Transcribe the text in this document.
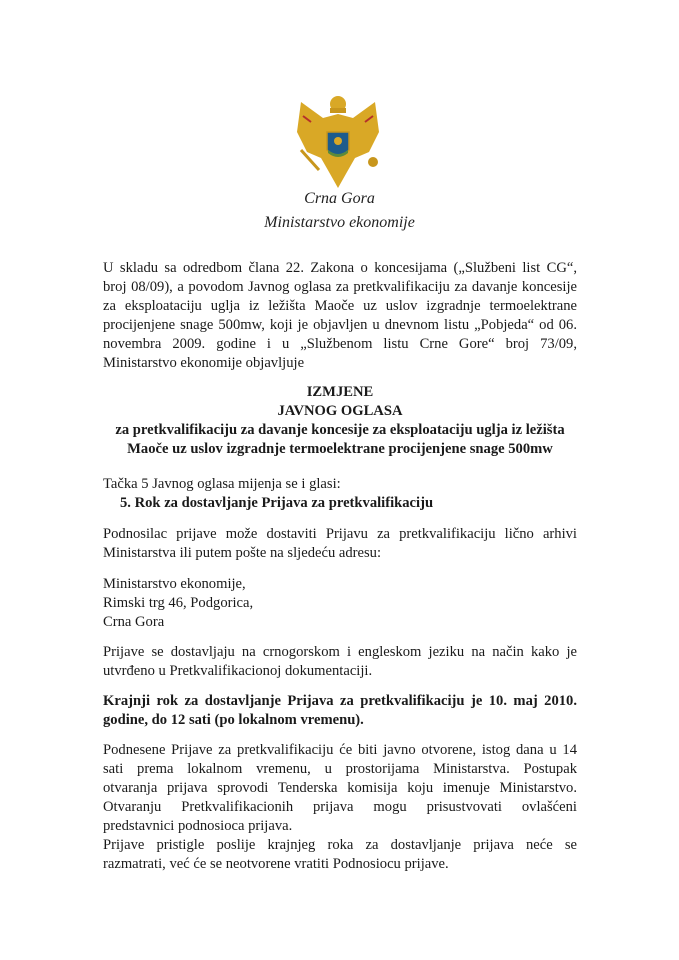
Crna Gora
Ministarstvo ekonomije
U skladu sa odredbom člana 22. Zakona o koncesijama („Službeni list CG“,
broj 08/09), a povodom Javnog oglasa za pretkvalifikaciju za davanje koncesije
za eksploataciju uglja iz ležišta Maoče uz uslov izgradnje termoelektrane
procijenjene snage 500mw, koji je objavljen u dnevnom listu „Pobjeda“ od 06.
novembra 2009. godine i u „Službenom listu Crne Gore“ broj 73/09,
Ministarstvo ekonomije objavljuje
IZMJENE
JAVNOG OGLASA
za pretkvalifikaciju za davanje koncesije za eksploataciju uglja iz ležišta
Maoče uz uslov izgradnje termoelektrane procijenjene snage 500mw
Tačka 5 Javnog oglasa mijenja se i glasi:
5. Rok za dostavljanje Prijava za pretkvalifikaciju
Podnosilac prijave može dostaviti Prijavu za pretkvalifikaciju lično arhivi
Ministarstva ili putem pošte na sljedeću adresu:
Ministarstvo ekonomije,
Rimski trg 46, Podgorica,
Crna Gora
Prijave se dostavljaju na crnogorskom i engleskom jeziku na način kako je
utvrđeno u Pretkvalifikacionoj dokumentaciji.
Krajnji rok za dostavljanje Prijava za pretkvalifikaciju je 10. maj 2010.
godine, do 12 sati (po lokalnom vremenu).
Podnesene Prijave za pretkvalifikaciju će biti javno otvorene, istog dana u 14
sati prema lokalnom vremenu, u prostorijama Ministarstva. Postupak
otvaranja prijava sprovodi Tenderska komisija koju imenuje Ministarstvo.
Otvaranju Pretkvalifikacionih prijava mogu prisustvovati ovlašćeni
predstavnici podnosioca prijava.
Prijave pristigle poslije krajnjeg roka za dostavljanje prijava neće se
razmatrati, već će se neotvorene vratiti Podnosiocu prijave.
